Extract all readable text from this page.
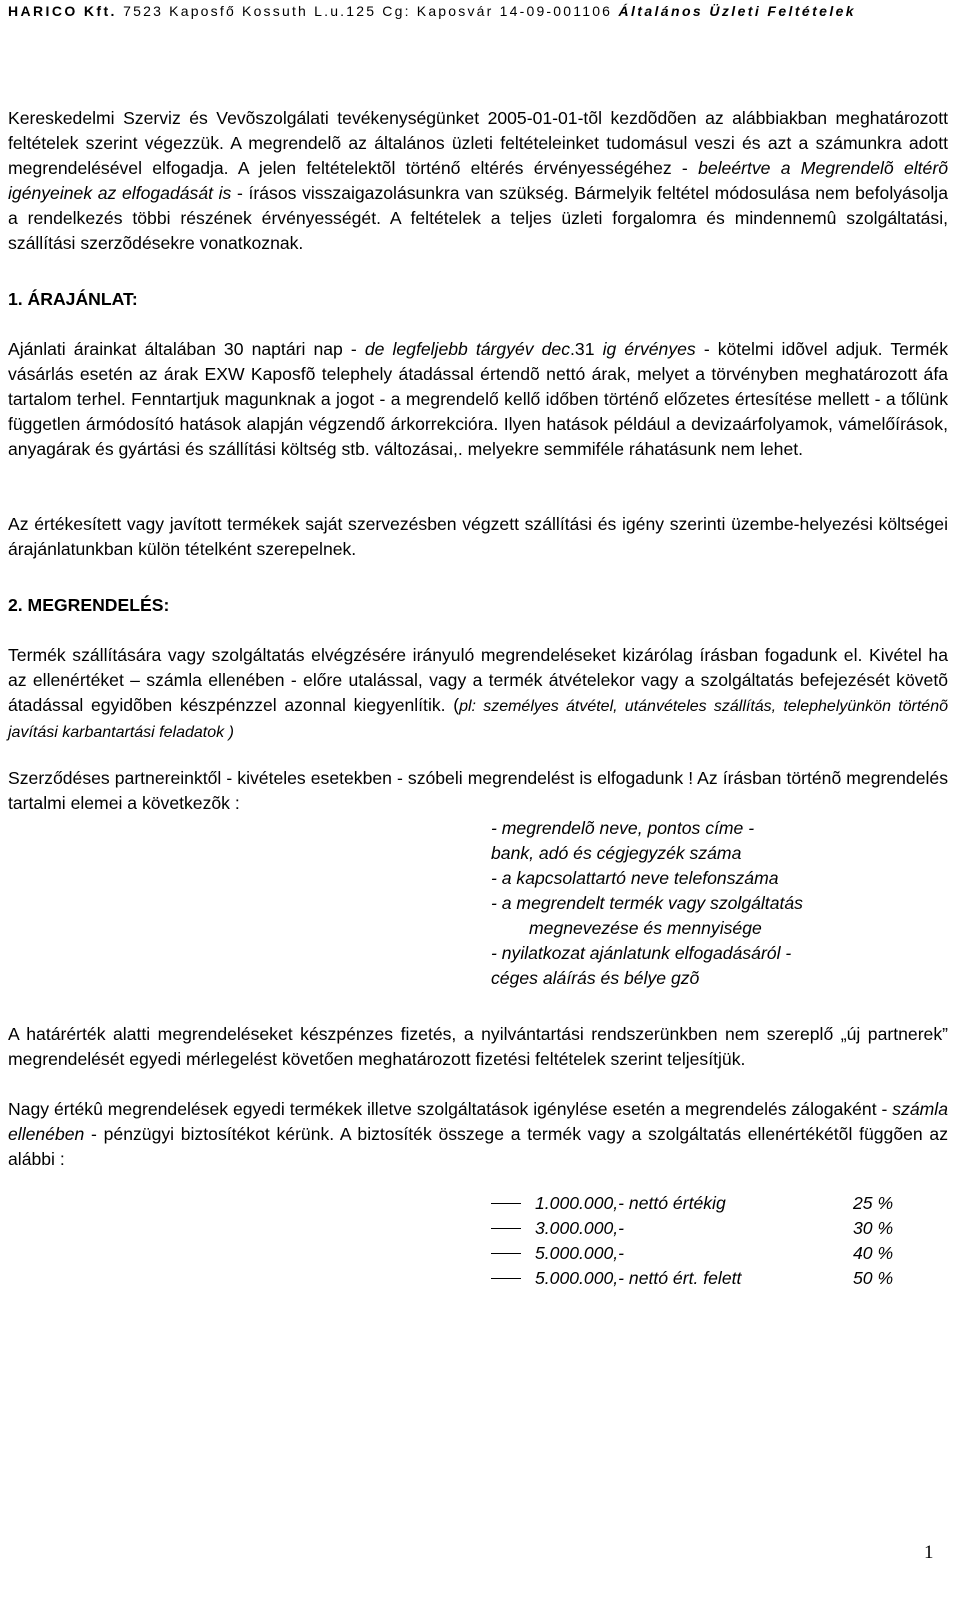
HARICO Kft. 7523 Kaposfő Kossuth L.u.125 Cg: Kaposvár 14-09-001106 Általános Üzleti Feltételek

Kereskedelmi Szerviz és Vevõszolgálati tevékenységünket 2005-01-01-tõl kezdõdõen az alábbiakban meghatározott feltételek szerint végezzük. A megrendelõ az általános üzleti feltételeinket tudomásul veszi és azt a számunkra adott megrendelésével elfogadja. A jelen feltételektõl történő eltérés érvényességéhez - beleértve a Megrendelõ eltérõ igényeinek az elfogadását is - írásos visszaigazolásunkra van szükség. Bármelyik feltétel módosulása nem befolyásolja a rendelkezés többi részének érvényességét. A feltételek a teljes üzleti forgalomra és mindennemû szolgáltatási, szállítási szerzõdésekre vonatkoznak.

1. ÁRAJÁNLAT:

Ajánlati árainkat általában 30 naptári nap - de legfeljebb tárgyév dec.31 ig érvényes - kötelmi idõvel adjuk. Termék vásárlás esetén az árak EXW Kaposfõ telephely átadással értendõ nettó árak, melyet a törvényben meghatározott áfa tartalom terhel. Fenntartjuk magunknak a jogot - a megrendelő kellő időben történő előzetes értesítése mellett - a tőlünk független ármódosító hatások alapján végzendő árkorrekcióra. Ilyen hatások például a devizaárfolyamok, vámelőírások, anyagárak és gyártási és szállítási költség stb. változásai,. melyekre semmiféle ráhatásunk nem lehet.

Az értékesített vagy javított termékek saját szervezésben végzett szállítási és igény szerinti üzembe-helyezési költségei árajánlatunkban külön tételként szerepelnek.

2. MEGRENDELÉS:

Termék szállítására vagy szolgáltatás elvégzésére irányuló megrendeléseket kizárólag írásban fogadunk el. Kivétel ha az ellenértéket – számla ellenében - előre utalással, vagy a termék átvételekor vagy a szolgáltatás befejezését követõ átadással egyidõben készpénzzel azonnal kiegyenlítik. (pl: személyes átvétel, utánvételes szállítás, telephelyünkön történõ javítási karbantartási feladatok )

Szerződéses partnereinktől - kivételes esetekben - szóbeli megrendelést is elfogadunk ! Az írásban történõ megrendelés tartalmi elemei a következõk :

- megrendelõ neve, pontos címe -
bank, adó és cégjegyzék száma
- a kapcsolattartó neve telefonszáma
- a megrendelt termék vagy szolgáltatás
megnevezése és mennyisége
- nyilatkozat ajánlatunk elfogadásáról -
céges aláírás és bélye gzõ

A határérték alatti megrendeléseket készpénzes fizetés, a nyilvántartási rendszerünkben nem szereplő „új partnerek” megrendelését egyedi mérlegelést követően meghatározott fizetési feltételek szerint teljesítjük.

Nagy értékû megrendelések egyedi termékek illetve szolgáltatások igénylése esetén a megrendelés zálogaként - számla ellenében - pénzügyi biztosítékot kérünk. A biztosíték összege a termék vagy a szolgáltatás ellenértékétõl függõen az alábbi :

1.000.000,- nettó értékig	25 %
3.000.000,-	30 %
5.000.000,-	40 %
5.000.000,- nettó ért. felett	50 %
1
